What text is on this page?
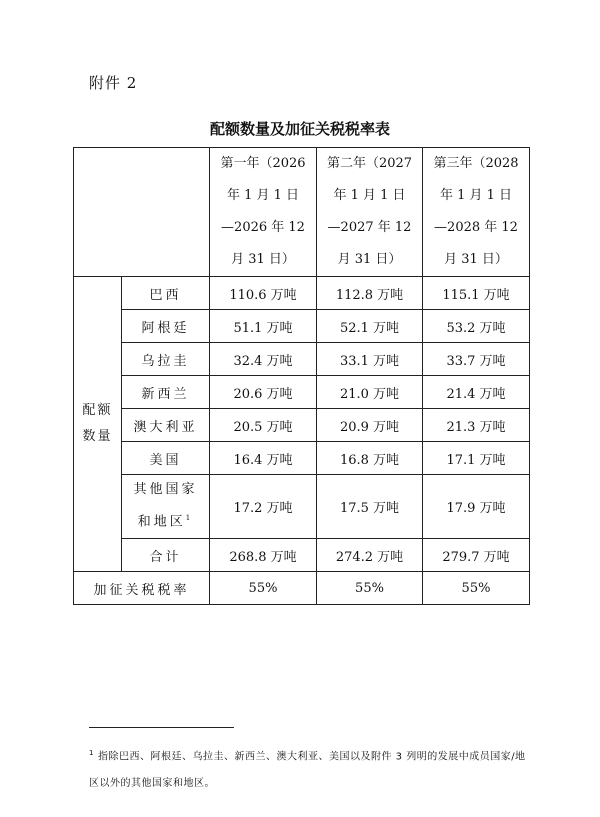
附件 2
配额数量及加征关税税率表

		第一年（2026
年 1 月 1 日
—2026 年 12
月 31 日）	第二年（2027
年 1 月 1 日
—2027 年 12
月 31 日）	第三年（2028
年 1 月 1 日
—2028 年 12
月 31 日）

配额
数量	巴西	110.6 万吨	112.8 万吨	115.1 万吨
	阿根廷	51.1 万吨	52.1 万吨	53.2 万吨
	乌拉圭	32.4 万吨	33.1 万吨	33.7 万吨
	新西兰	20.6 万吨	21.0 万吨	21.4 万吨
	澳大利亚	20.5 万吨	20.9 万吨	21.3 万吨
	美国	16.4 万吨	16.8 万吨	17.1 万吨

	其他国家
和地区$^1$	17.2 万吨	17.5 万吨	17.9 万吨
	合计	268.8 万吨	274.2 万吨	279.7 万吨
加征关税税率		55%	55%	55%
$^1$ 指除巴西、阿根廷、乌拉圭、新西兰、澳大利亚、美国以及附件 3 列明的发展中成员国家/地区以外的其他国家和地区。
